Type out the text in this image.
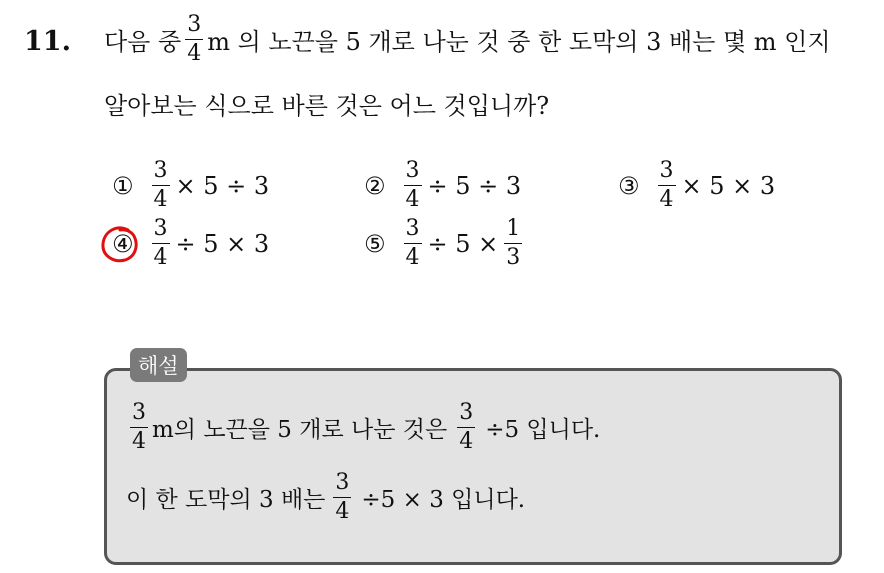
11. 다음 중 $\frac{3}{4}$ m 의 노끈을 5 개로 나눈 것 중 한 도막의 3 배는 몇 m 인지
알아보는 식으로 바른 것은 어느 것입니까?
① $\frac{3}{4} \times 5 \div 3$	② $\frac{3}{4} \div 5 \div 3$	③ $\frac{3}{4} \times 5 \times 3$
④ $\frac{3}{4} \div 5 \times 3$	⑤ $\frac{3}{4} \div 5 \times \frac{1}{3}$
해설
$\frac{3}{4}$ m의 노끈을 5 개로 나눈 것은 $\frac{3}{4} \div 5$ 입니다.
이 한 도막의 3 배는 $\frac{3}{4} \div 5 \times 3$ 입니다.
